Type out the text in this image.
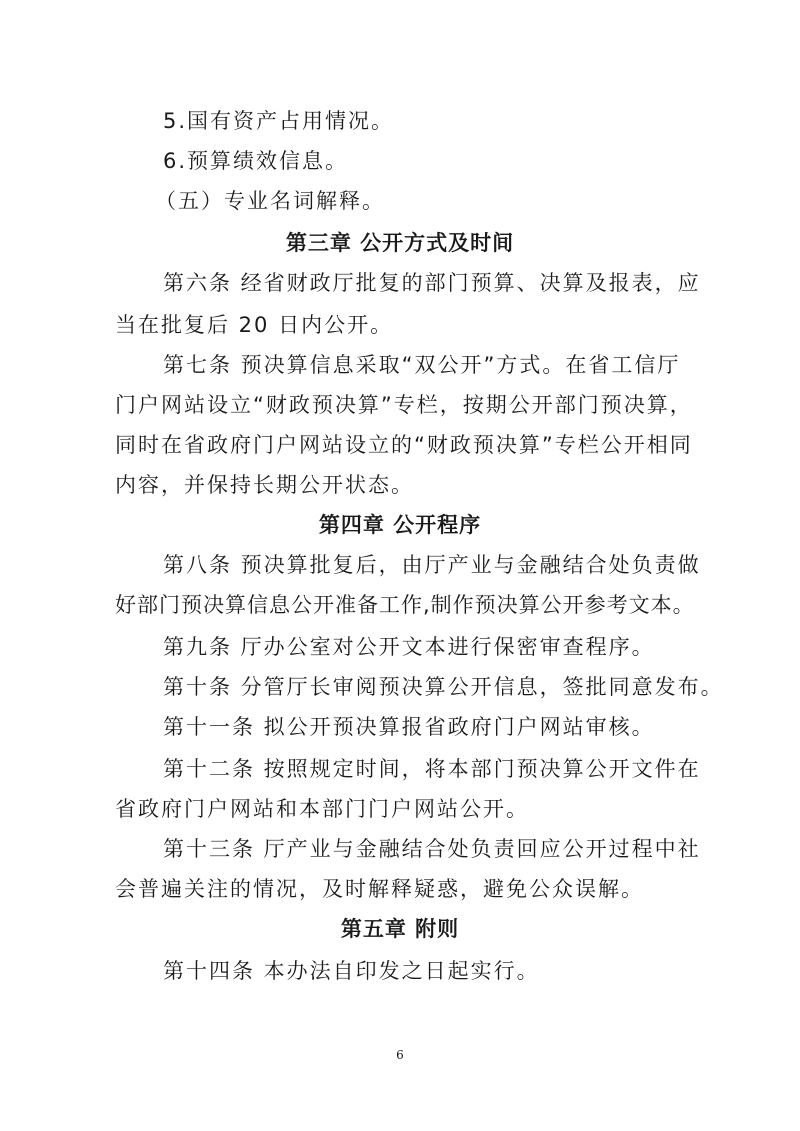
5.国有资产占用情况。
6.预算绩效信息。
（五）专业名词解释。
第三章 公开方式及时间
第六条 经省财政厅批复的部门预算、决算及报表，应
当在批复后 20 日内公开。
第七条 预决算信息采取“双公开”方式。在省工信厅
门户网站设立“财政预决算”专栏，按期公开部门预决算，
同时在省政府门户网站设立的“财政预决算”专栏公开相同
内容，并保持长期公开状态。
第四章 公开程序
第八条 预决算批复后，由厅产业与金融结合处负责做
好部门预决算信息公开准备工作,制作预决算公开参考文本。
第九条 厅办公室对公开文本进行保密审查程序。
第十条 分管厅长审阅预决算公开信息，签批同意发布。
第十一条 拟公开预决算报省政府门户网站审核。
第十二条 按照规定时间，将本部门预决算公开文件在
省政府门户网站和本部门门户网站公开。
第十三条 厅产业与金融结合处负责回应公开过程中社
会普遍关注的情况，及时解释疑惑，避免公众误解。
第五章 附则
第十四条 本办法自印发之日起实行。
6
